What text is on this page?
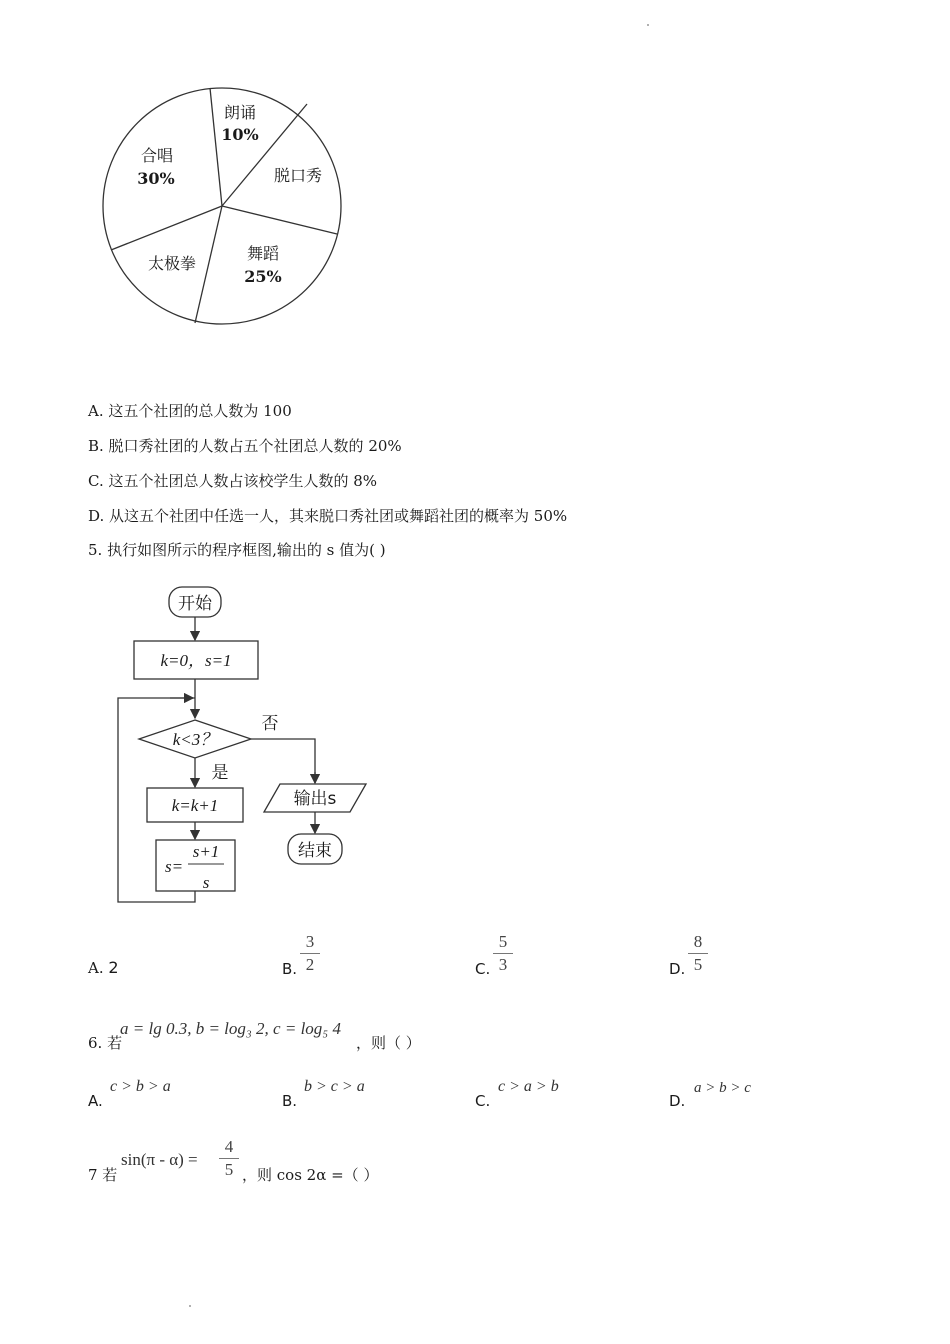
朗诵
10%
脱口秀
舞蹈
25%
太极拳
合唱
30%
A. 这五个社团的总人数为 100
B. 脱口秀社团的人数占五个社团总人数的 20%
C. 这五个社团总人数占该校学生人数的 8%
D. 从这五个社团中任选一人，其来脱口秀社团或舞蹈社团的概率为 50%
5. 执行如图所示的程序框图,输出的 s 值为( )
开始
结束
否
是
输出s
k=0，s=1
k<3？
k=k+1
s=
s+1
s
A. 2	B.
3
2	C.
5
3	D.
8
5
6. 若
a = lg 0.3, b = log₃ 2, c = log₅ 4
，则（ ）
A.
c > b > a
B.
b > c > a
C.
c > a > b
D.
a > b > c
7 若
sin(π - α) =
4
5 ，则 cos 2α =（ ）
